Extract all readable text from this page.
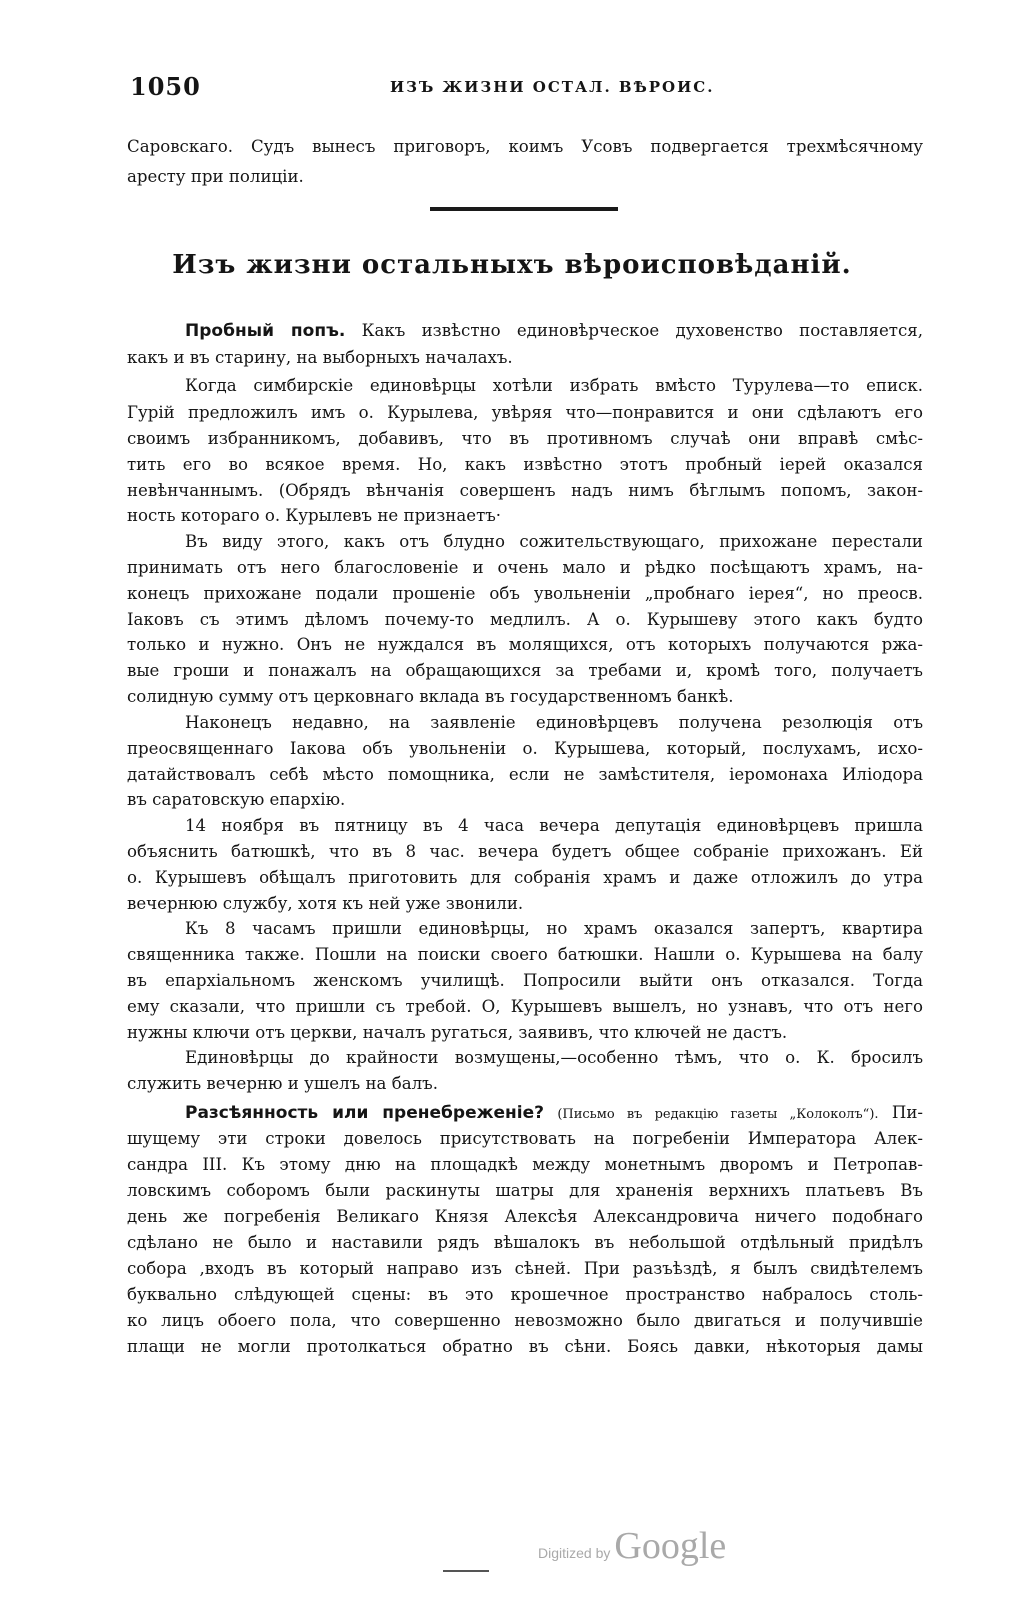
1050	ИЗЪ ЖИЗНИ ОСТАЛ. ВѢРОИС.
Саровскаго. Судъ вынесъ приговоръ, коимъ Усовъ подвергается трехмѣсячному
аресту при полиціи.
Изъ жизни остальныхъ вѣроисповѣданій.
Пробный попъ. Какъ извѣстно единовѣрческое духовенство поставляется,
какъ и въ старину, на выборныхъ началахъ.
Когда симбирскіе единовѣрцы хотѣли избрать вмѣсто Турулева—то еписк.
Гурій предложилъ имъ о. Курылева, увѣряя что—понравится и они сдѣлаютъ его
своимъ избранникомъ, добавивъ, что въ противномъ случаѣ они вправѣ смѣс-
тить его во всякое время. Но, какъ извѣстно этотъ пробный іерей оказался
невѣнчаннымъ. (Обрядъ вѣнчанія совершенъ надъ нимъ бѣглымъ попомъ, закон-
ность котораго о. Курылевъ не признаетъ·
Въ виду этого, какъ отъ блудно сожительствующаго, прихожане перестали
принимать отъ него благословеніе и очень мало и рѣдко посѣщаютъ храмъ, на-
конецъ прихожане подали прошеніе объ увольненіи „пробнаго іерея“, но преосв.
Іаковъ съ этимъ дѣломъ почему-то медлилъ. А о. Курышеву этого какъ будто
только и нужно. Онъ не нуждался въ молящихся, отъ которыхъ получаются ржа-
вые гроши и понажалъ на обращающихся за требами и, кромѣ того, получаетъ
солидную сумму отъ церковнаго вклада въ государственномъ банкѣ.
Наконецъ недавно, на заявленіе единовѣрцевъ получена резолюція отъ
преосвященнаго Іакова объ увольненіи о. Курышева, который, послухамъ, исхо-
датайствовалъ себѣ мѣсто помощника, если не замѣстителя, іеромонаха Иліодора
въ саратовскую епархію.
14 ноября въ пятницу въ 4 часа вечера депутація единовѣрцевъ пришла
объяснить батюшкѣ, что въ 8 час. вечера будетъ общее собраніе прихожанъ. Ей
о. Курышевъ обѣщалъ приготовить для собранія храмъ и даже отложилъ до утра
вечернюю службу, хотя къ ней уже звонили.
Къ 8 часамъ пришли единовѣрцы, но храмъ оказался запертъ, квартира
священника также. Пошли на поиски своего батюшки. Нашли о. Курышева на балу
въ епархіальномъ женскомъ училищѣ. Попросили выйти онъ отказался. Тогда
ему сказали, что пришли съ требой. О, Курышевъ вышелъ, но узнавъ, что отъ него
нужны ключи отъ церкви, началъ ругаться, заявивъ, что ключей не дастъ.
Единовѣрцы до крайности возмущены,—особенно тѣмъ, что о. К. бросилъ
служить вечерню и ушелъ на балъ.
Разсѣянность или пренебреженіе? (Письмо въ редакцію газеты „Колоколъ“). Пи-
шущему эти строки довелось присутствовать на погребеніи Императора Алек-
сандра III. Къ этому дню на площадкѣ между монетнымъ дворомъ и Петропав-
ловскимъ соборомъ были раскинуты шатры для храненія верхнихъ платьевъ Въ
день же погребенія Великаго Князя Алексѣя Александровича ничего подобнаго
сдѣлано не было и наставили рядъ вѣшалокъ въ небольшой отдѣльный придѣлъ
собора ,входъ въ который направо изъ сѣней. При разъѣздѣ, я былъ свидѣтелемъ
буквально слѣдующей сцены: въ это крошечное пространство набралось столь-
ко лицъ обоего пола, что совершенно невозможно было двигаться и получившіе
плащи не могли протолкаться обратно въ сѣни. Боясь давки, нѣкоторыя дамы
Digitized by Google
